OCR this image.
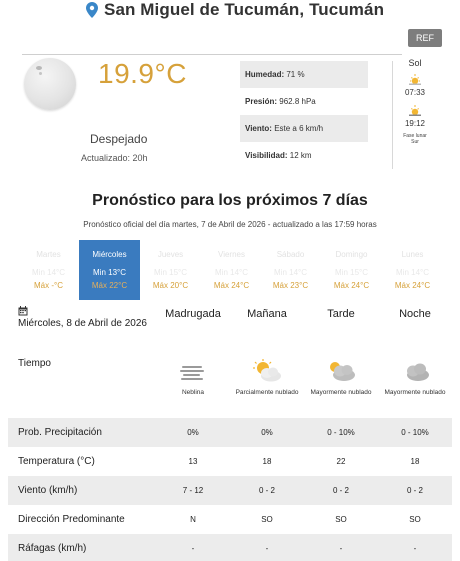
San Miguel de Tucumán, Tucumán
REF
19.9°C
Despejado
Actualizado: 20h
Humedad: 71 %
Presión: 962.8 hPa
Viento: Este a 6 km/h
Visibilidad: 12 km
Sol
07:33
19:12
Fase lunar
Sur
Pronóstico para los próximos 7 días
Pronóstico oficial del día martes, 7 de Abril de 2026 - actualizado a las 17:59 horas
Martes
Min 14°C
Máx -°C
Miércoles
Min 13°C
Máx 22°C
Jueves
Min 15°C
Máx 20°C
Viernes
Min 14°C
Máx 24°C
Sábado
Min 14°C
Máx 23°C
Domingo
Min 15°C
Máx 24°C
Lunes
Min 14°C
Máx 24°C
Miércoles, 8 de Abril de 2026
Madrugada	Mañana	Tarde	Noche
Tiempo
Neblina	Parcialmente nublado	Mayormente nublado	Mayormente nublado
Prob. Precipitación	0%	0%	0 - 10%	0 - 10%
Temperatura (°C)	13	18	22	18
Viento (km/h)	7 - 12	0 - 2	0 - 2	0 - 2
Dirección Predominante	N	SO	SO	SO
Ráfagas (km/h)	-	-	-	-
